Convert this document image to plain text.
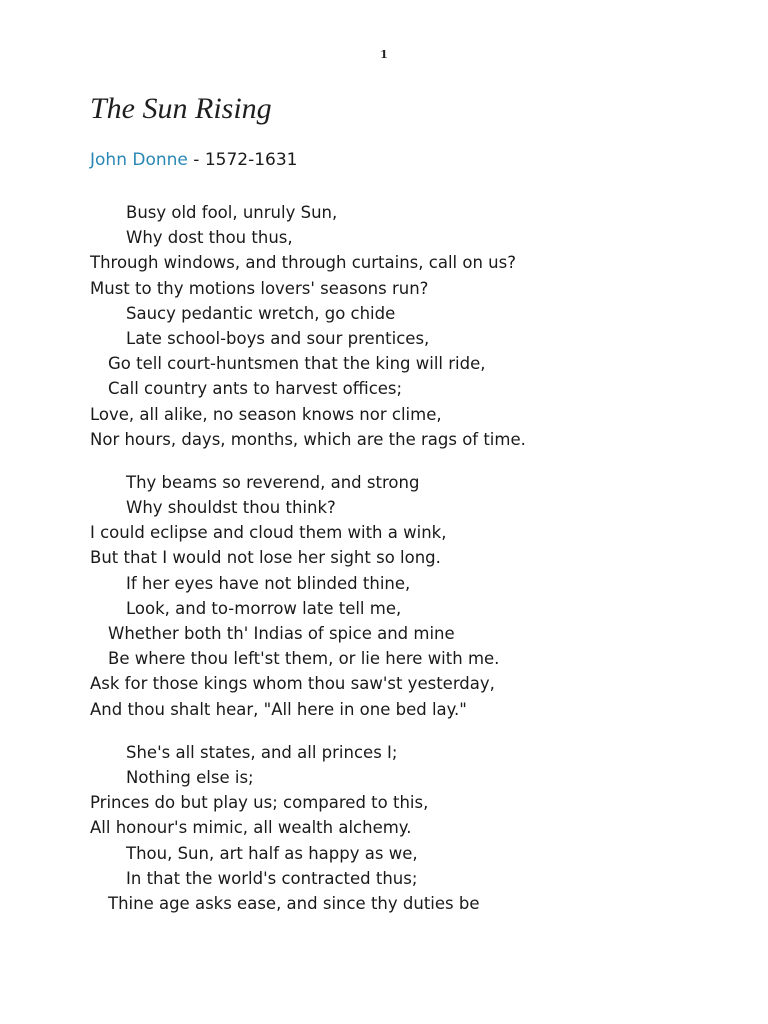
1
The Sun Rising
John Donne - 1572-1631
Busy old fool, unruly Sun,
Why dost thou thus,
Through windows, and through curtains, call on us?
Must to thy motions lovers' seasons run?
Saucy pedantic wretch, go chide
Late school-boys and sour prentices,
Go tell court-huntsmen that the king will ride,
Call country ants to harvest offices;
Love, all alike, no season knows nor clime,
Nor hours, days, months, which are the rags of time.
Thy beams so reverend, and strong
Why shouldst thou think?
I could eclipse and cloud them with a wink,
But that I would not lose her sight so long.
If her eyes have not blinded thine,
Look, and to-morrow late tell me,
Whether both th' Indias of spice and mine
Be where thou left'st them, or lie here with me.
Ask for those kings whom thou saw'st yesterday,
And thou shalt hear, "All here in one bed lay."
She's all states, and all princes I;
Nothing else is;
Princes do but play us; compared to this,
All honour's mimic, all wealth alchemy.
Thou, Sun, art half as happy as we,
In that the world's contracted thus;
Thine age asks ease, and since thy duties be
